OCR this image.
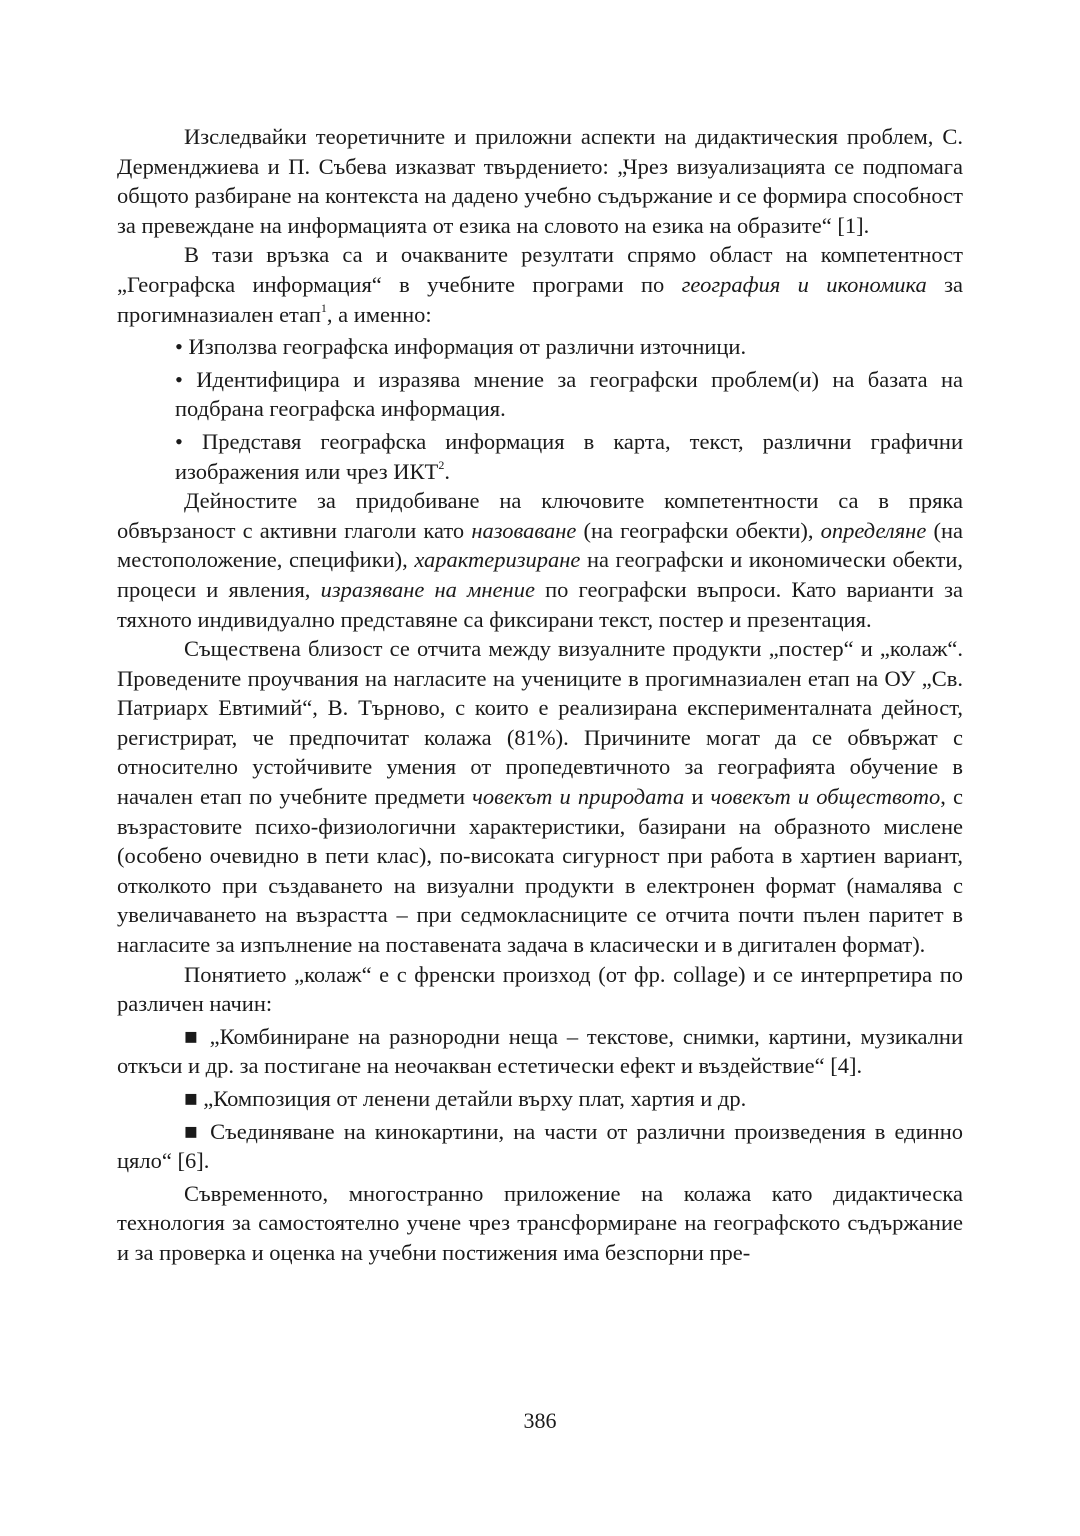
Изследвайки теоретичните и приложни аспекти на дидактическия проблем, С. Дерменджиева и П. Събева изказват твърдението: „Чрез визуализацията се подпомага общото разбиране на контекста на дадено учебно съдържание и се формира способност за превеждане на информацията от езика на словото на езика на образите“ [1].

В тази връзка са и очакваните резултати спрямо област на компетентност „Географска информация“ в учебните програми по география и икономика за прогимназиален етап$^1$, а именно:

• Използва географска информация от различни източници.

• Идентифицира и изразява мнение за географски проблем(и) на базата на подбрана географска информация.

• Представя географска информация в карта, текст, различни графични изображения или чрез ИКТ$^2$.

Дейностите за придобиване на ключовите компетентности са в пряка обвързаност с активни глаголи като назоваване (на географски обекти), определяне (на местоположение, специфики), характеризиране на географски и икономически обекти, процеси и явления, изразяване на мнение по географски въпроси. Като варианти за тяхното индивидуално представяне са фиксирани текст, постер и презентация.

Съществена близост се отчита между визуалните продукти „постер“ и „колаж“. Проведените проучвания на нагласите на учениците в прогимназиален етап на ОУ „Св. Патриарх Евтимий“, В. Търново, с които е реализирана експерименталната дейност, регистрират, че предпочитат колажа (81%). Причините могат да се обвържат с относително устойчивите умения от пропедевтичното за географията обучение в начален етап по учебните предмети човекът и природата и човекът и обществото, с възрастовите психо-физиологични характеристики, базирани на образното мислене (особено очевидно в пети клас), по-високата сигурност при работа в хартиен вариант, отколкото при създаването на визуални продукти в електронен формат (намалява с увеличаването на възрастта – при седмокласниците се отчита почти пълен паритет в нагласите за изпълнение на поставената задача в класически и в дигитален формат).

Понятието „колаж“ е с френски произход (от фр. collage) и се интерпретира по различен начин:

■ „Комбиниране на разнородни неща – текстове, снимки, картини, музикални откъси и др. за постигане на неочакван естетически ефект и въздействие“ [4].

■ „Композиция от ленени детайли върху плат, хартия и др.

■ Съединяване на кинокартини, на части от различни произведения в единно цяло“ [6].

Съвременното, многостранно приложение на колажа като дидактическа технология за самостоятелно учене чрез трансформиране на географското съдържание и за проверка и оценка на учебни постижения има безспорни пре-

386
